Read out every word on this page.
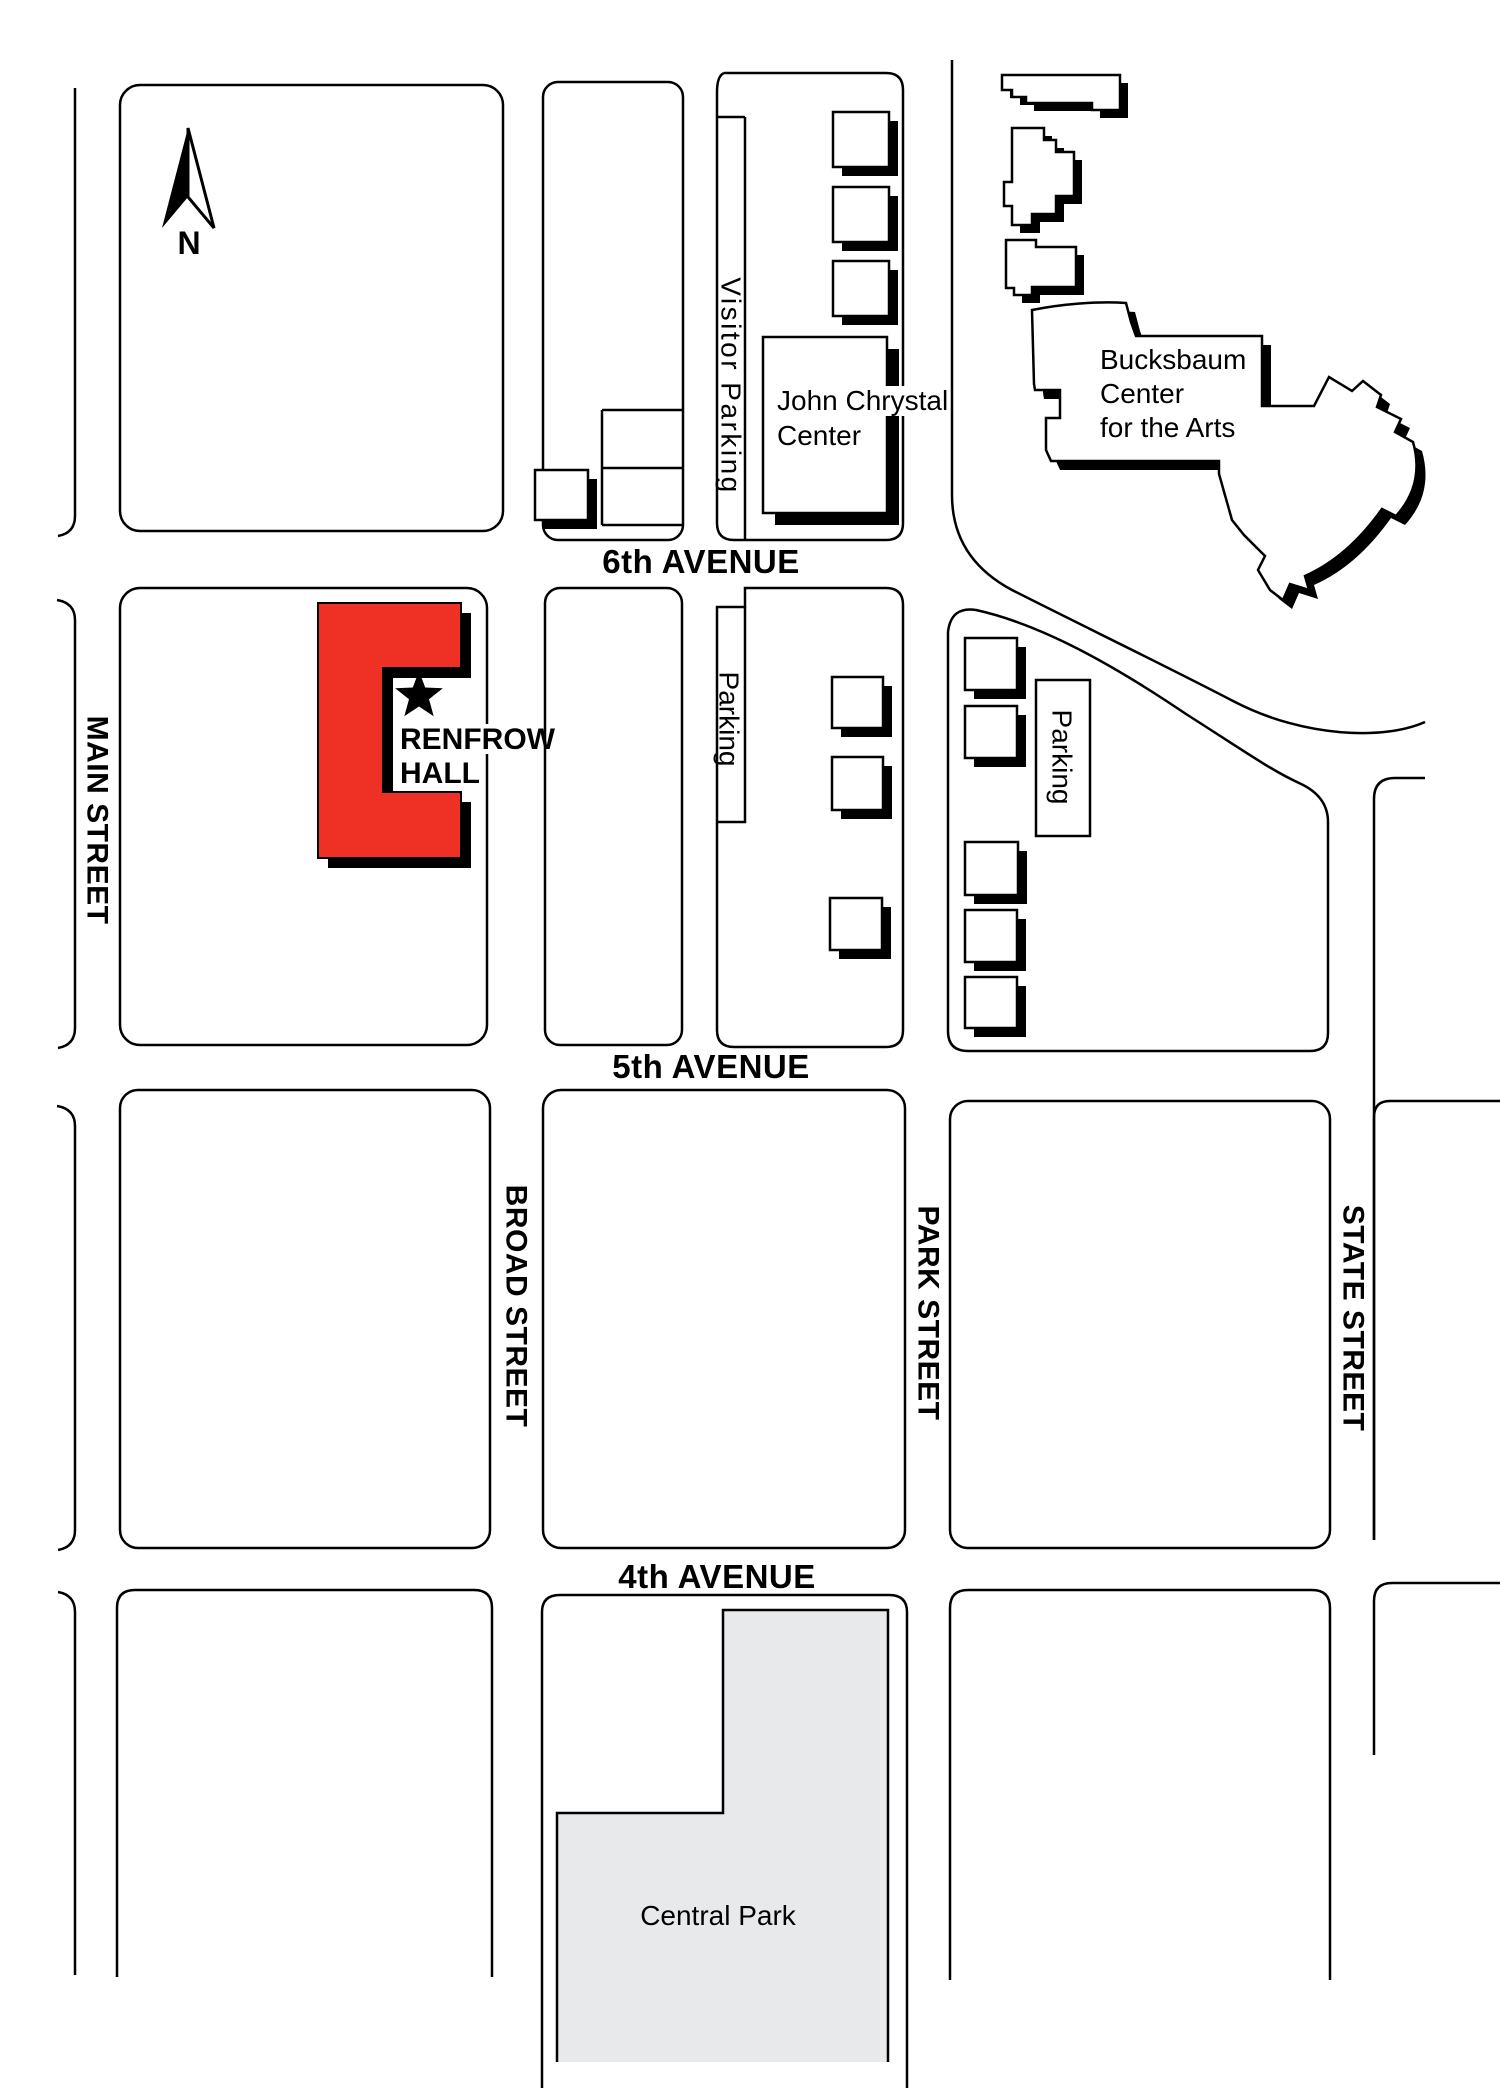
N
MAIN STREET
BROAD STREET	PARK STREET	STATE STREET
6th AVENUE
5th AVENUE
4th AVENUE
Visitor Parking
Parking	Parking
Central Park
John Chrystal
Center
Bucksbaum
Center
for the Arts
RENFROW
HALL
